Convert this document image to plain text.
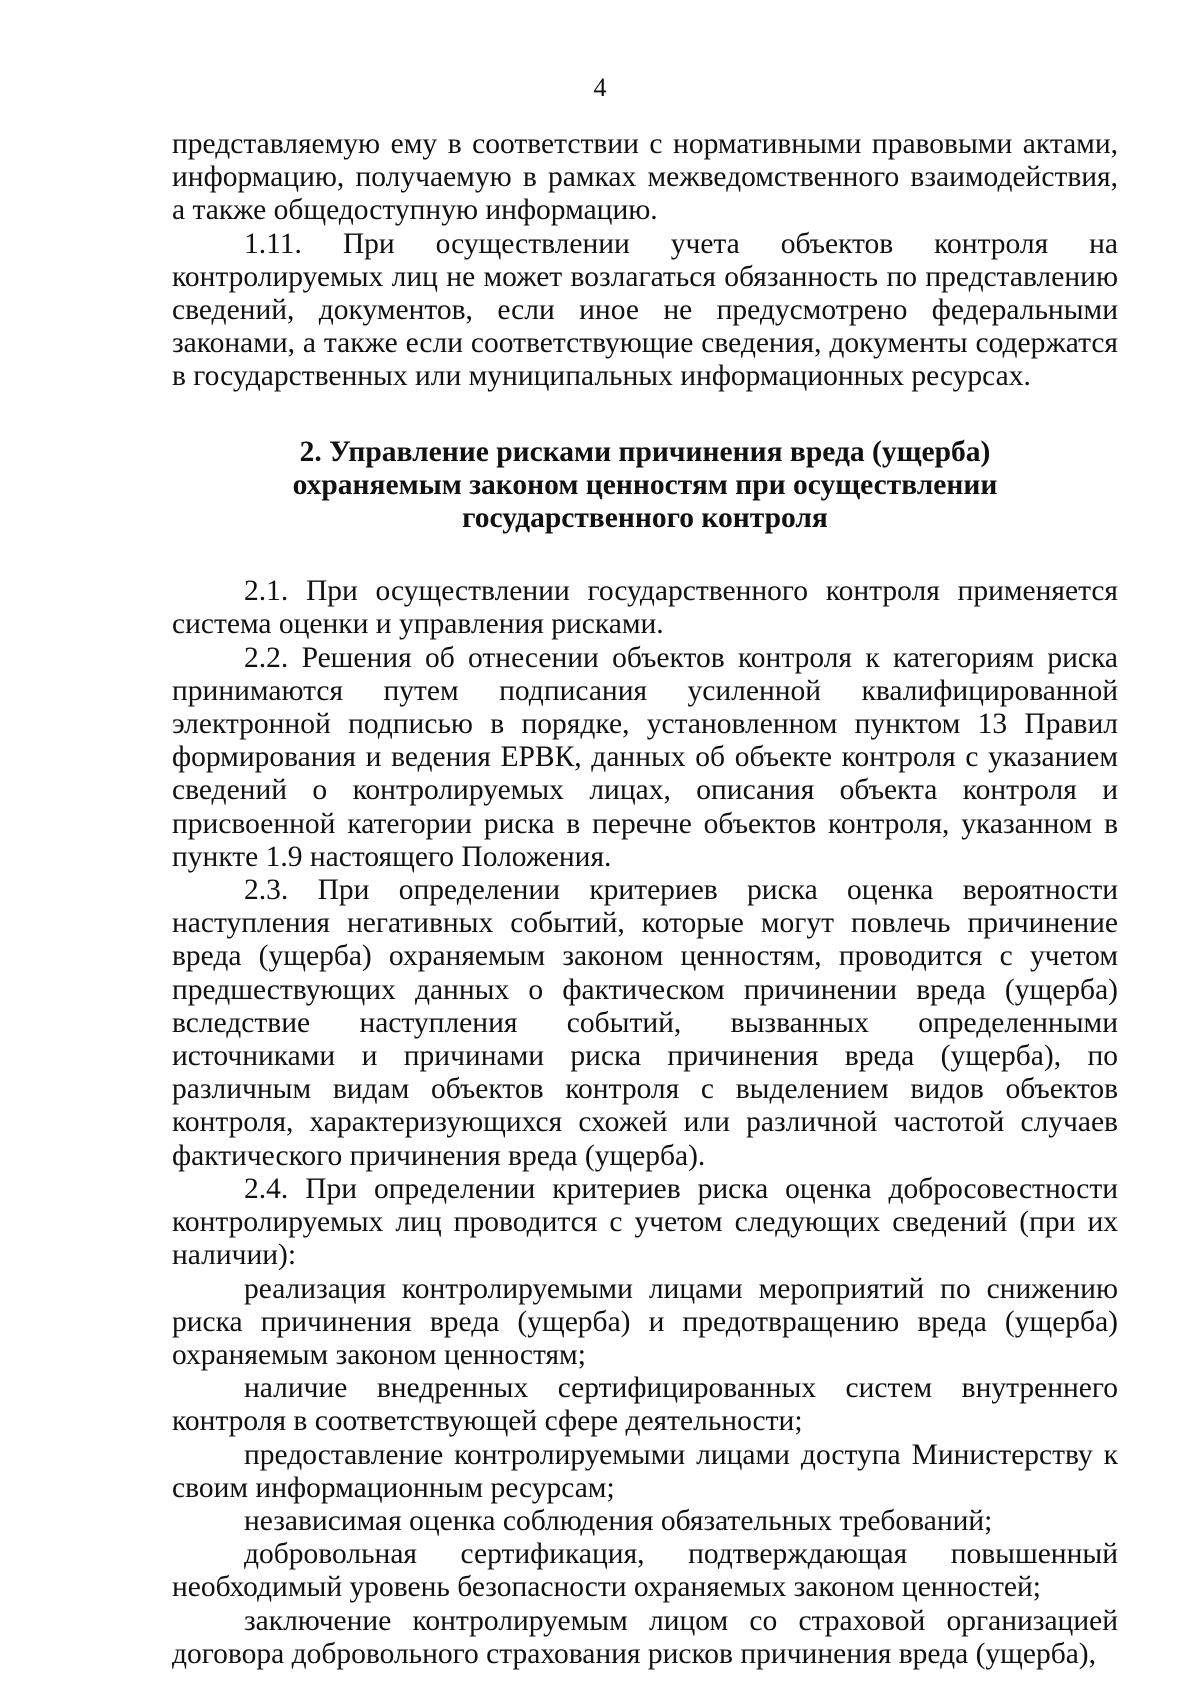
4

представляемую ему в соответствии с нормативными правовыми актами, информацию, получаемую в рамках межведомственного взаимодействия, а также общедоступную информацию.

1.11. При осуществлении учета объектов контроля на контролируемых лиц не может возлагаться обязанность по представлению сведений, документов, если иное не предусмотрено федеральными законами, а также если соответствующие сведения, документы содержатся в государственных или муниципальных информационных ресурсах.

2. Управление рисками причинения вреда (ущерба)
охраняемым законом ценностям при осуществлении
государственного контроля

2.1. При осуществлении государственного контроля применяется система оценки и управления рисками.

2.2. Решения об отнесении объектов контроля к категориям риска принимаются путем подписания усиленной квалифицированной электронной подписью в порядке, установленном пунктом 13 Правил формирования и ведения ЕРВК, данных об объекте контроля с указанием сведений о контролируемых лицах, описания объекта контроля и присвоенной категории риска в перечне объектов контроля, указанном в пункте 1.9 настоящего Положения.

2.3. При определении критериев риска оценка вероятности наступления негативных событий, которые могут повлечь причинение вреда (ущерба) охраняемым законом ценностям, проводится с учетом предшествующих данных о фактическом причинении вреда (ущерба) вследствие наступления событий, вызванных определенными источниками и причинами риска причинения вреда (ущерба), по различным видам объектов контроля с выделением видов объектов контроля, характеризующихся схожей или различной частотой случаев фактического причинения вреда (ущерба).

2.4. При определении критериев риска оценка добросовестности контролируемых лиц проводится с учетом следующих сведений (при их наличии):

реализация контролируемыми лицами мероприятий по снижению риска причинения вреда (ущерба) и предотвращению вреда (ущерба) охраняемым законом ценностям;

наличие внедренных сертифицированных систем внутреннего контроля в соответствующей сфере деятельности;

предоставление контролируемыми лицами доступа Министерству к своим информационным ресурсам;

независимая оценка соблюдения обязательных требований;

добровольная сертификация, подтверждающая повышенный необходимый уровень безопасности охраняемых законом ценностей;

заключение контролируемым лицом со страховой организацией договора добровольного страхования рисков причинения вреда (ущерба),
